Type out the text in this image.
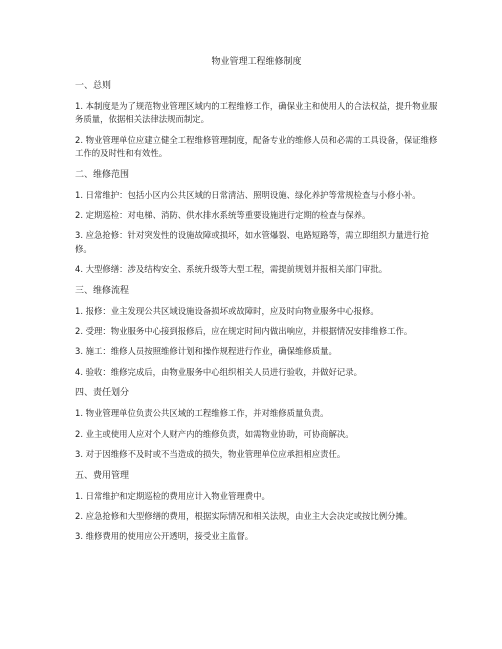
物业管理工程维修制度
一、总则

1. 本制度是为了规范物业管理区域内的工程维修工作，确保业主和使用人的合法权益，提升物业服务质量，依据相关法律法规而制定。

2. 物业管理单位应建立健全工程维修管理制度，配备专业的维修人员和必需的工具设备，保证维修工作的及时性和有效性。

二、维修范围

1. 日常维护：包括小区内公共区域的日常清洁、照明设施、绿化养护等常规检查与小修小补。

2. 定期巡检：对电梯、消防、供水排水系统等重要设施进行定期的检查与保养。

3. 应急抢修：针对突发性的设施故障或损坏，如水管爆裂、电路短路等，需立即组织力量进行抢修。

4. 大型修缮：涉及结构安全、系统升级等大型工程，需提前规划并报相关部门审批。

三、维修流程

1. 报修：业主发现公共区域设施设备损坏或故障时，应及时向物业服务中心报修。

2. 受理：物业服务中心接到报修后，应在规定时间内做出响应，并根据情况安排维修工作。

3. 施工：维修人员按照维修计划和操作规程进行作业，确保维修质量。

4. 验收：维修完成后，由物业服务中心组织相关人员进行验收，并做好记录。

四、责任划分

1. 物业管理单位负责公共区域的工程维修工作，并对维修质量负责。

2. 业主或使用人应对个人财产内的维修负责，如需物业协助，可协商解决。

3. 对于因维修不及时或不当造成的损失，物业管理单位应承担相应责任。

五、费用管理

1. 日常维护和定期巡检的费用应计入物业管理费中。

2. 应急抢修和大型修缮的费用，根据实际情况和相关法规，由业主大会决定或按比例分摊。

3. 维修费用的使用应公开透明，接受业主监督。
